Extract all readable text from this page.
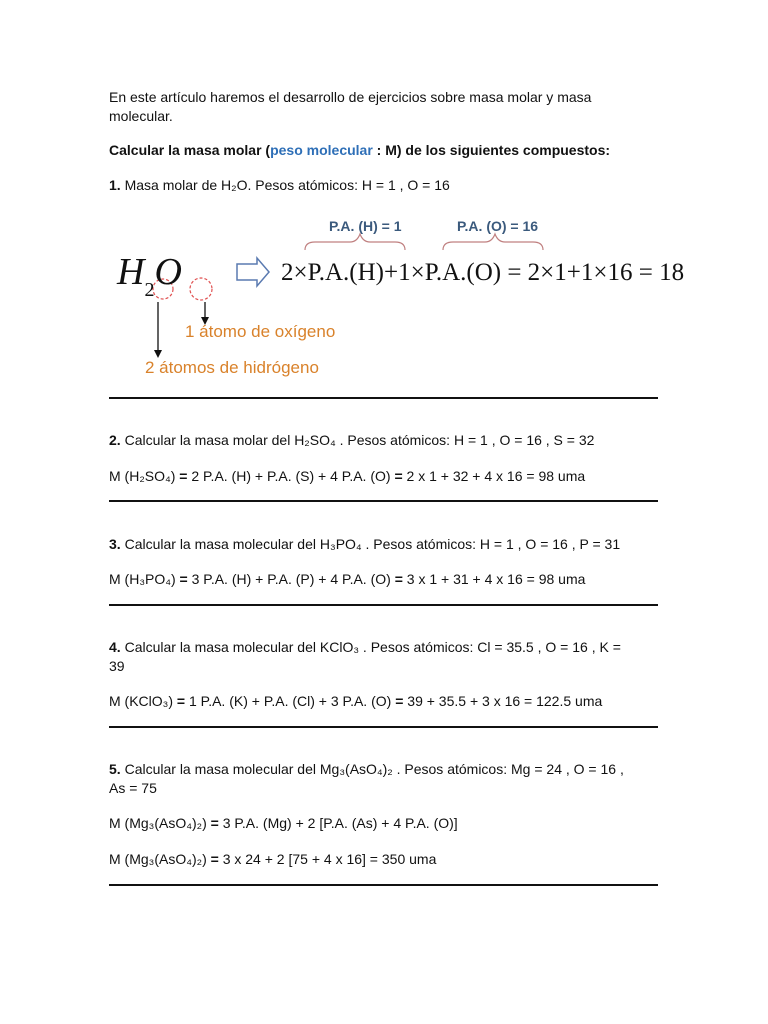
En este artículo haremos el desarrollo de ejercicios sobre masa molar y masa molecular.
Calcular la masa molar (peso molecular : M) de los siguientes compuestos:
1. Masa molar de H₂O. Pesos atómicos: H = 1 , O = 16
P.A. (H) = 1	P.A. (O) = 16
$H_2O$	2×P.A.(H)+1×P.A.(O) = 2×1+1×16 = 18
1 átomo de oxígeno
2 átomos de hidrógeno
2. Calcular la masa molar del H₂SO₄ . Pesos atómicos: H = 1 , O = 16 , S = 32
M (H₂SO₄) = 2 P.A. (H) + P.A. (S) + 4 P.A. (O) = 2 x 1 + 32 + 4 x 16 = 98 uma
3. Calcular la masa molecular del H₃PO₄ . Pesos atómicos: H = 1 , O = 16 , P = 31
M (H₃PO₄) = 3 P.A. (H) + P.A. (P) + 4 P.A. (O) = 3 x 1 + 31 + 4 x 16 = 98 uma
4. Calcular la masa molecular del KClO₃ . Pesos atómicos: Cl = 35.5 , O = 16 , K =
39
M (KClO₃) = 1 P.A. (K) + P.A. (Cl) + 3 P.A. (O) = 39 + 35.5 + 3 x 16 = 122.5 uma
5. Calcular la masa molecular del Mg₃(AsO₄)₂ . Pesos atómicos: Mg = 24 , O = 16 ,
As = 75
M (Mg₃(AsO₄)₂) = 3 P.A. (Mg) + 2 [P.A. (As) + 4 P.A. (O)]
M (Mg₃(AsO₄)₂) = 3 x 24 + 2 [75 + 4 x 16] = 350 uma
